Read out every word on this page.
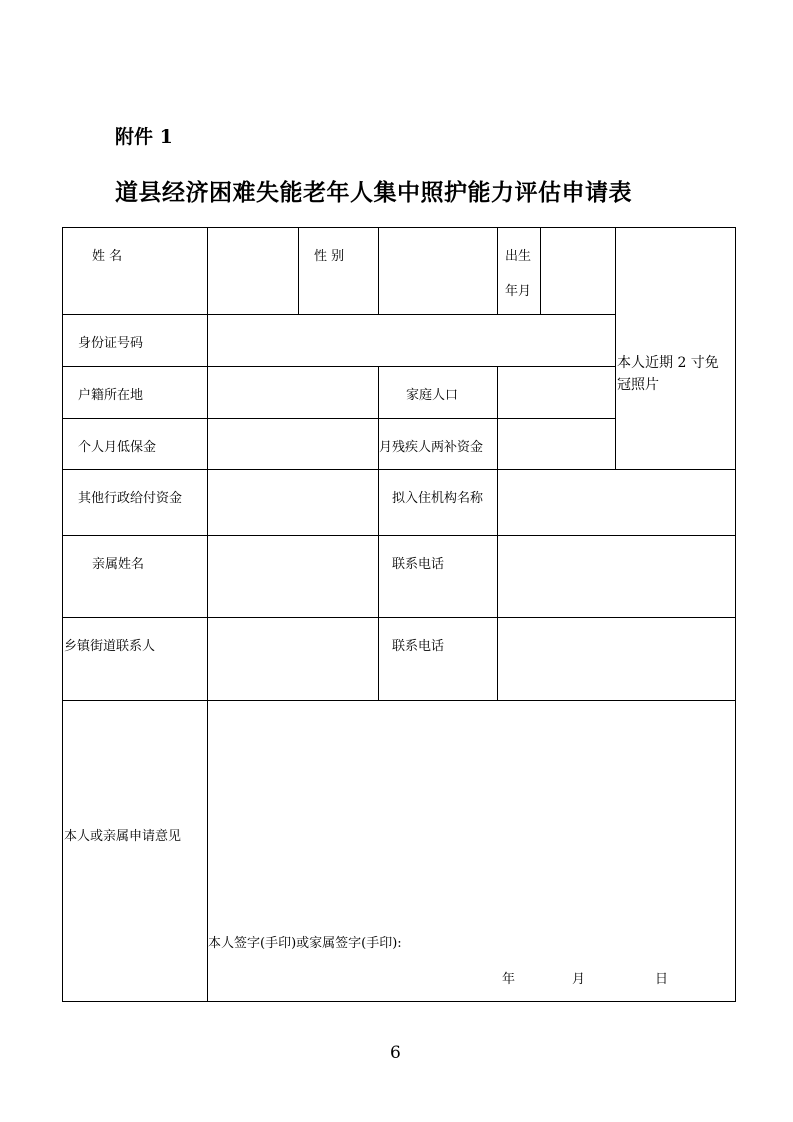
附件 1
道县经济困难失能老年人集中照护能力评估申请表
姓 名	性 别	出生
年月
本人近期 2 寸免
冠照片
身份证号码
户籍所在地	家庭人口
个人月低保金	月残疾人两补资金
其他行政给付资金	拟入住机构名称
亲属姓名	联系电话
乡镇街道联系人	联系电话
本人或亲属申请意见
本人签字(手印)或家属签字(手印):
年	月	日
6
